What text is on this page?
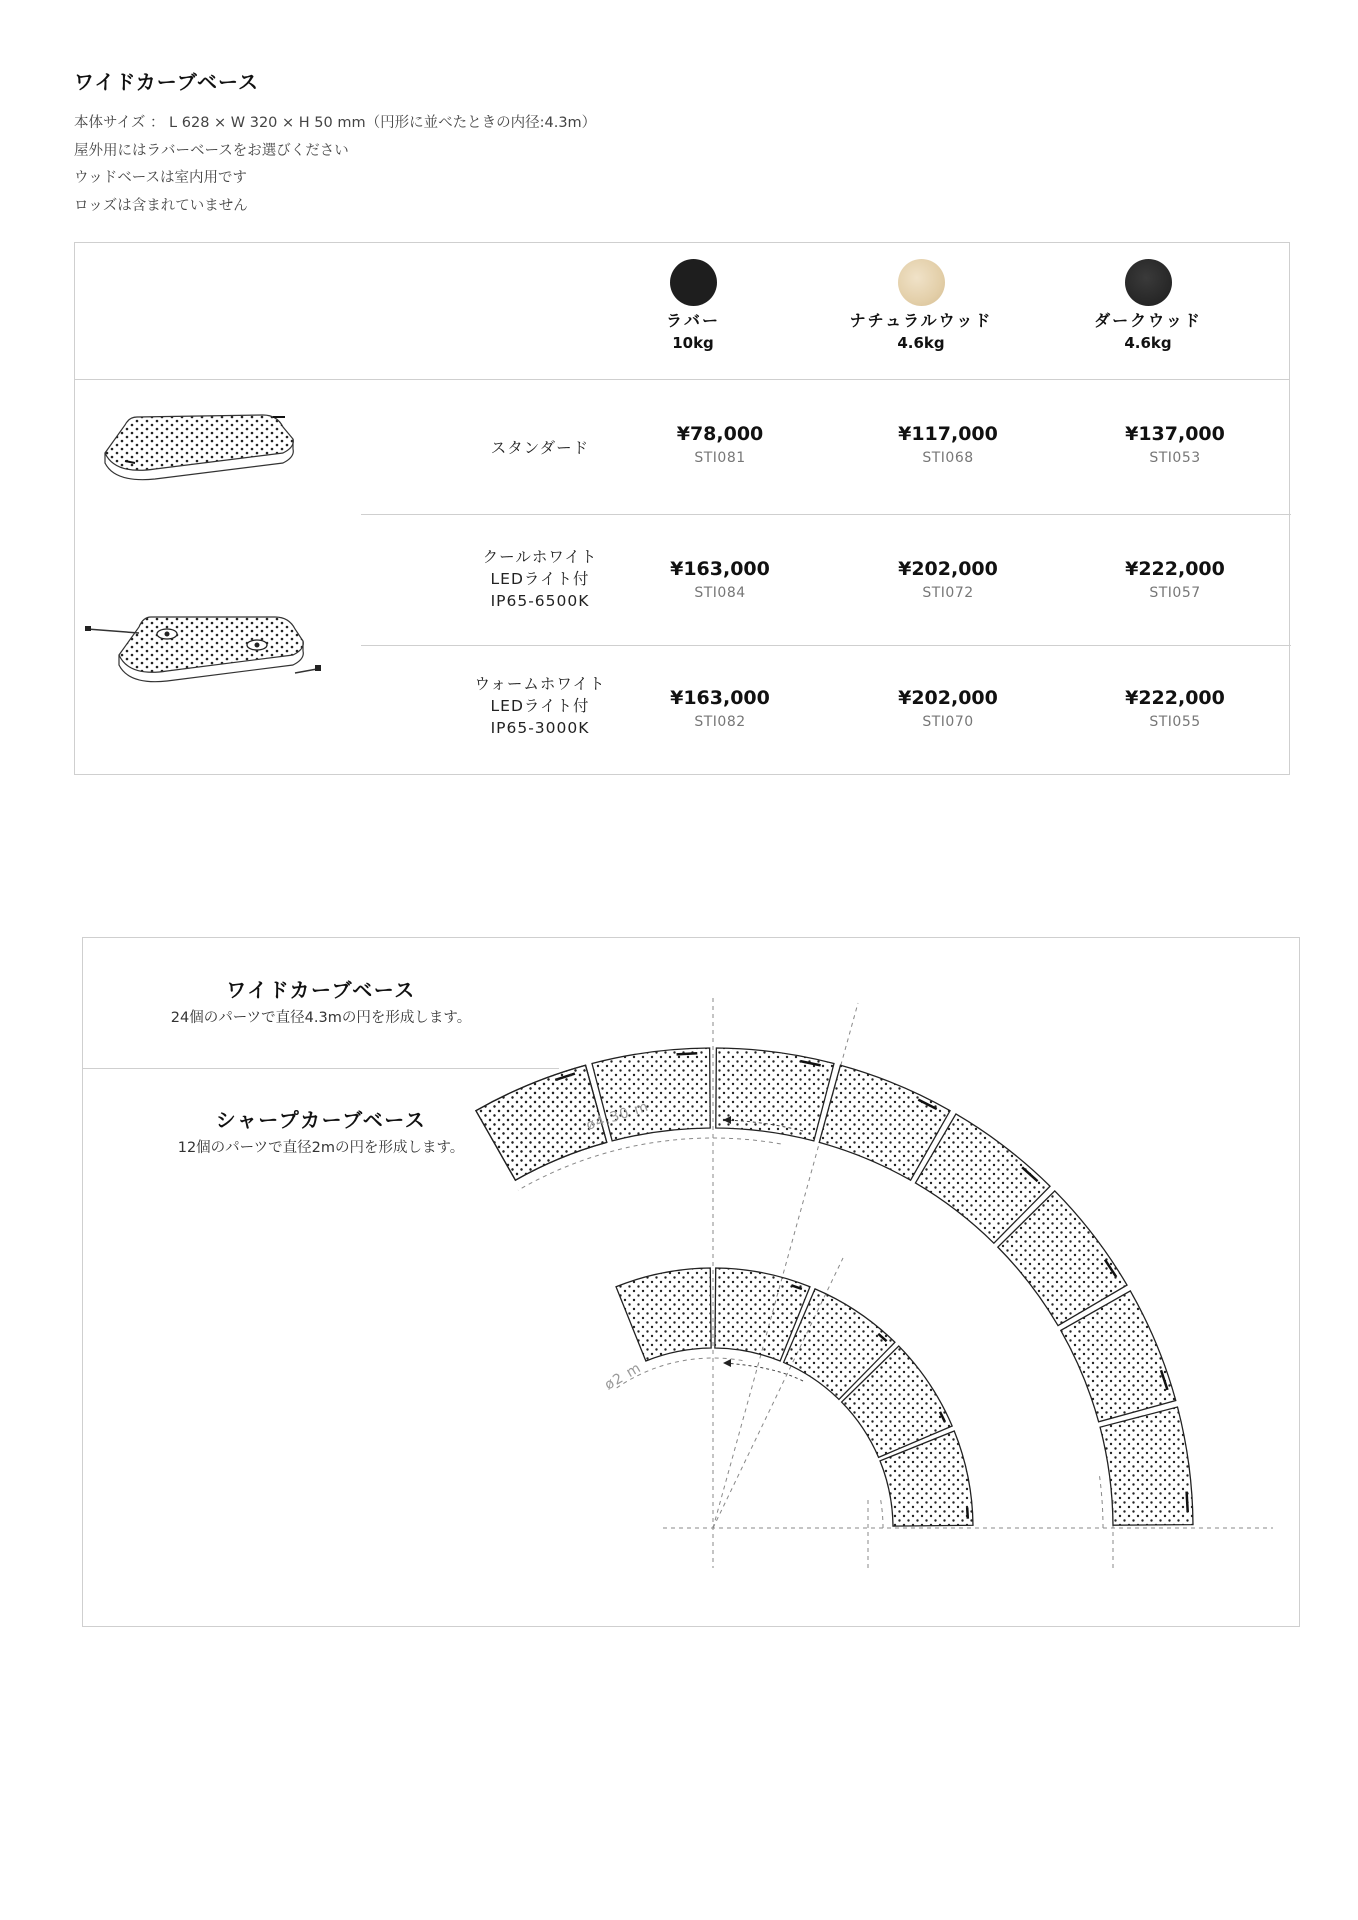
ワイドカーブベース
本体サイズ ： L 628 × W 320 × H 50 mm（円形に並べたときの内径:4.3m）
屋外用にはラバーベースをお選びください
ウッドベースは室内用です
ロッズは含まれていません
ラバー
10kg
ナチュラルウッド
4.6kg
ダークウッド
4.6kg
スタンダード
¥78,000
STI081
¥117,000
STI068
¥137,000
STI053
クールホワイト
LEDライト付
IP65-6500K
¥163,000
STI084
¥202,000
STI072
¥222,000
STI057
ウォームホワイト
LEDライト付
IP65-3000K
¥163,000
STI082
¥202,000
STI070
¥222,000
STI055
ワイドカーブベース
24個のパーツで直径4.3mの円を形成します。
シャープカーブベース
12個のパーツで直径2mの円を形成します。
ø4,30 m
ø2 m
